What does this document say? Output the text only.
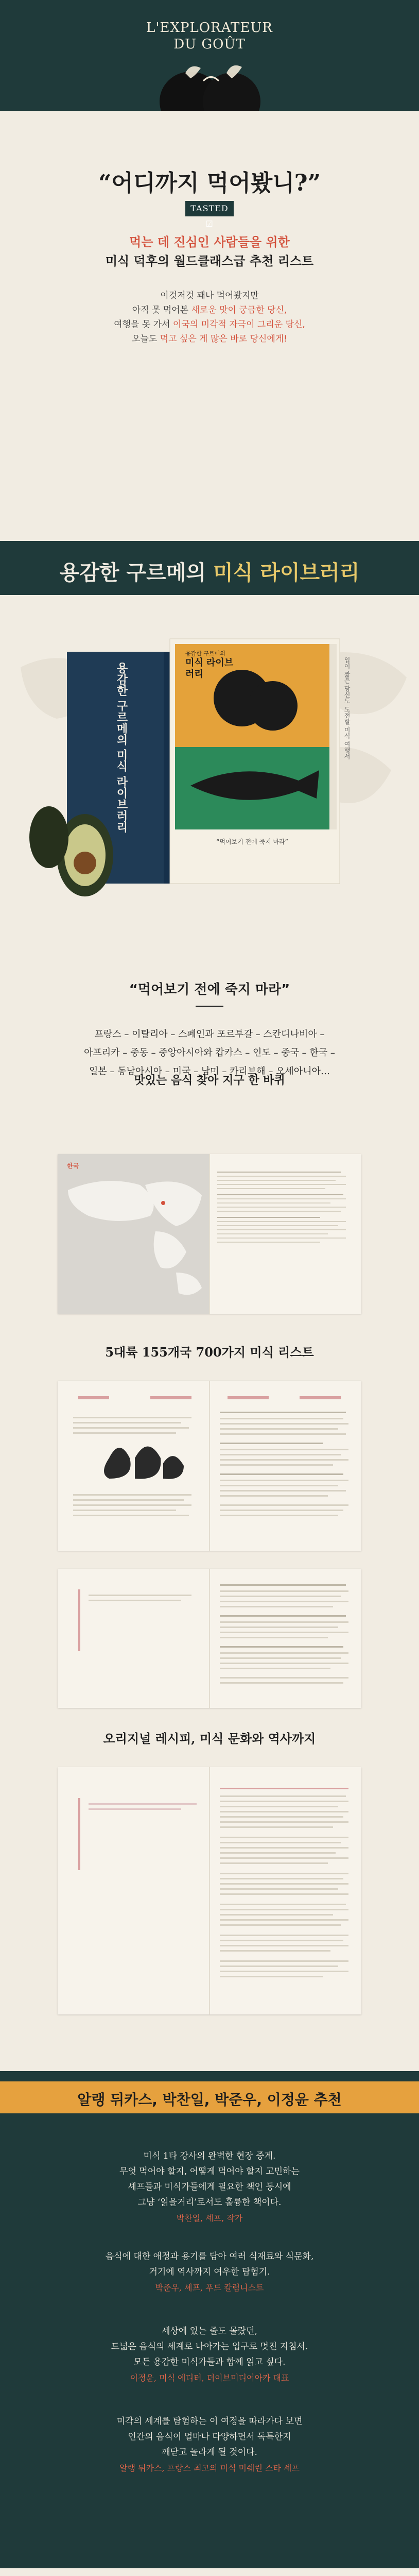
L'EXPLORATEUR
DU GOÛT
“어디까지 먹어봤니?”
TASTED ☑
먹는 데 진심인 사람들을 위한
미식 덕후의 월드클래스급 추천 리스트
이것저것 꽤나 먹어봤지만
아직 못 먹어본 새로운 맛이 궁금한 당신,
여행을 못 가서 이국의 미각적 자극이 그리운 당신,
오늘도 먹고 싶은 게 많은 바로 당신에게!
용감한 구르메의 미식 라이브러리
용감한 구르메의 미식 라이브러리
용감한 구르메의
미식 라이브러리
“먹어보기 전에 죽지 마라”
입이 짧은 당신도 도전할 미식 여행서
“먹어보기 전에 죽지 마라”
프랑스 – 이탈리아 – 스페인과 포르투갈 – 스칸디나비아 –
아프리카 – 중동 – 중앙아시아와 캅카스 – 인도 – 중국 – 한국 –
일본 – 동남아시아 – 미국 – 남미 – 카리브해 – 오세아니아…
맛있는 음식 찾아 지구 한 바퀴
한국
5대륙 155개국 700가지 미식 리스트
오리지널 레시피, 미식 문화와 역사까지
알랭 뒤카스, 박찬일, 박준우, 이정윤 추천
미식 1타 강사의 완벽한 현장 중계.
무엇 먹어야 할지, 어떻게 먹어야 할지 고민하는
셰프들과 미식가들에게 필요한 책인 동시에
그냥 ‘읽을거리’로서도 훌륭한 책이다.
박찬일, 셰프, 작가
음식에 대한 애정과 용기를 담아 여러 식재료와 식문화,
거기에 역사까지 여우한 탐험기.
박준우, 셰프, 푸드 칼럼니스트
세상에 있는 줄도 몰랐던,
드넓은 음식의 세계로 나아가는 입구로 멋진 지침서.
모든 용감한 미식가들과 함께 읽고 싶다.
이정윤, 미식 에디터, 더이브미디어아카 대표
미각의 세계를 탐험하는 이 여정을 따라가다 보면
인간의 음식이 얼마나 다양하면서 독특한지
깨닫고 놀라게 될 것이다.
알랭 뒤카스, 프랑스 최고의 미식 미쉐린 스타 셰프
